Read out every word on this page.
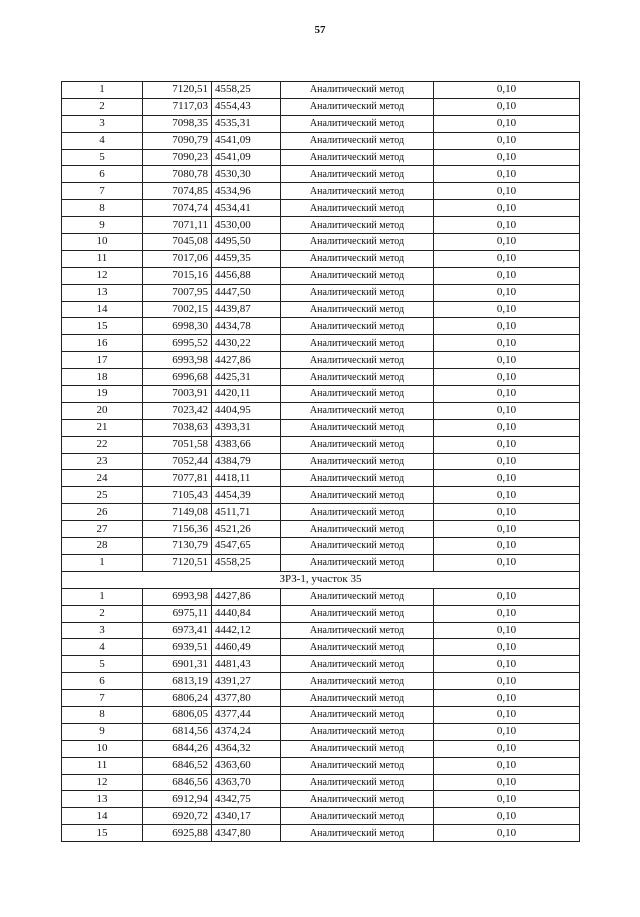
57
1	7120,51	4558,25	Аналитический метод	0,10
2	7117,03	4554,43	Аналитический метод	0,10
3	7098,35	4535,31	Аналитический метод	0,10
4	7090,79	4541,09	Аналитический метод	0,10
5	7090,23	4541,09	Аналитический метод	0,10
6	7080,78	4530,30	Аналитический метод	0,10
7	7074,85	4534,96	Аналитический метод	0,10
8	7074,74	4534,41	Аналитический метод	0,10
9	7071,11	4530,00	Аналитический метод	0,10
10	7045,08	4495,50	Аналитический метод	0,10
11	7017,06	4459,35	Аналитический метод	0,10
12	7015,16	4456,88	Аналитический метод	0,10
13	7007,95	4447,50	Аналитический метод	0,10
14	7002,15	4439,87	Аналитический метод	0,10
15	6998,30	4434,78	Аналитический метод	0,10
16	6995,52	4430,22	Аналитический метод	0,10
17	6993,98	4427,86	Аналитический метод	0,10
18	6996,68	4425,31	Аналитический метод	0,10
19	7003,91	4420,11	Аналитический метод	0,10
20	7023,42	4404,95	Аналитический метод	0,10
21	7038,63	4393,31	Аналитический метод	0,10
22	7051,58	4383,66	Аналитический метод	0,10
23	7052,44	4384,79	Аналитический метод	0,10
24	7077,81	4418,11	Аналитический метод	0,10
25	7105,43	4454,39	Аналитический метод	0,10
26	7149,08	4511,71	Аналитический метод	0,10
27	7156,36	4521,26	Аналитический метод	0,10
28	7130,79	4547,65	Аналитический метод	0,10
1	7120,51	4558,25	Аналитический метод	0,10
ЗРЗ-1, участок 35				
1	6993,98	4427,86	Аналитический метод	0,10
2	6975,11	4440,84	Аналитический метод	0,10
3	6973,41	4442,12	Аналитический метод	0,10
4	6939,51	4460,49	Аналитический метод	0,10
5	6901,31	4481,43	Аналитический метод	0,10
6	6813,19	4391,27	Аналитический метод	0,10
7	6806,24	4377,80	Аналитический метод	0,10
8	6806,05	4377,44	Аналитический метод	0,10
9	6814,56	4374,24	Аналитический метод	0,10
10	6844,26	4364,32	Аналитический метод	0,10
11	6846,52	4363,60	Аналитический метод	0,10
12	6846,56	4363,70	Аналитический метод	0,10
13	6912,94	4342,75	Аналитический метод	0,10
14	6920,72	4340,17	Аналитический метод	0,10
15	6925,88	4347,80	Аналитический метод	0,10
